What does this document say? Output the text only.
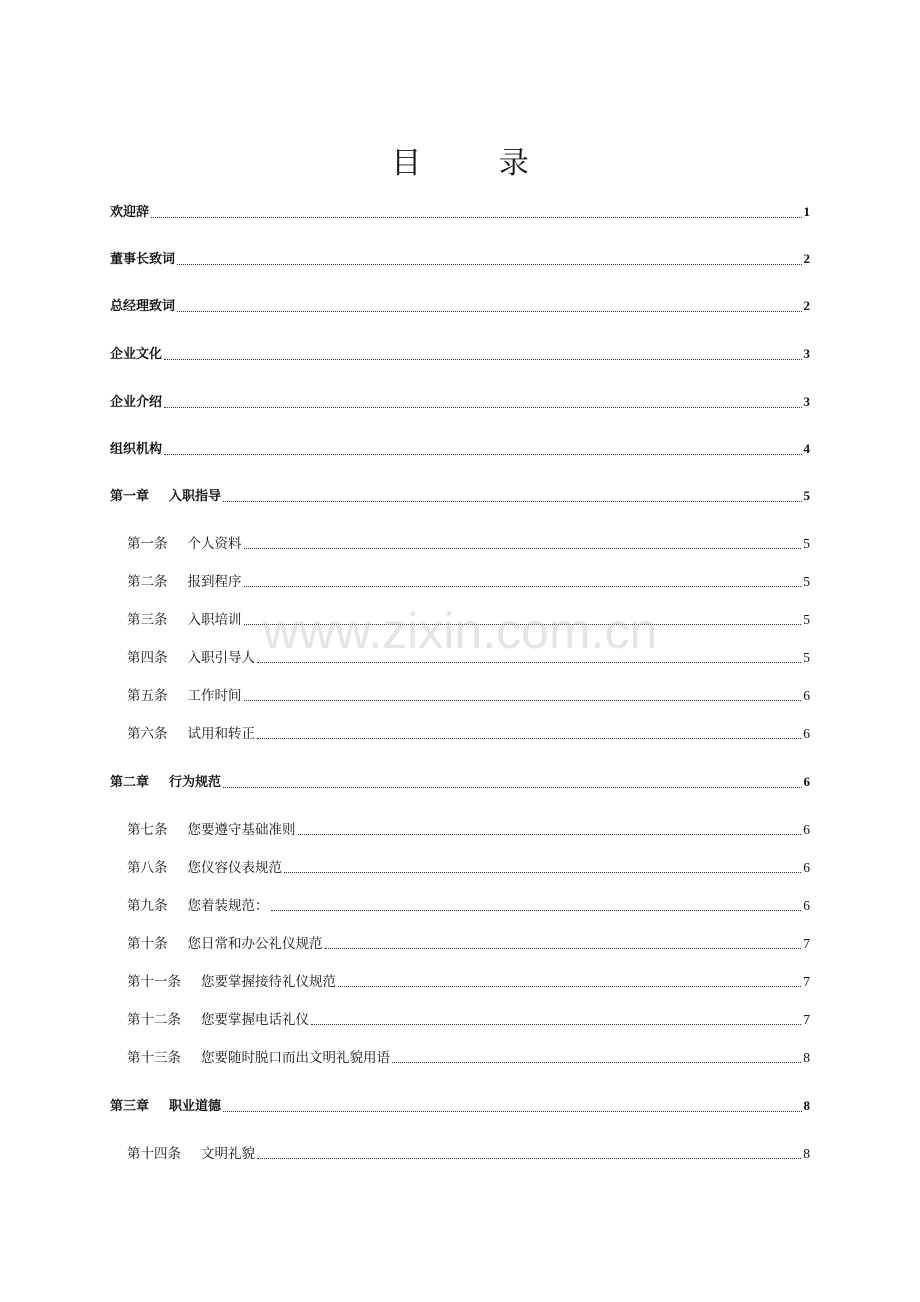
目 录
欢迎辞	1
董事长致词	2
总经理致词	2
企业文化	3
企业介绍	3
组织机构	4
第一章 入职指导	5
第一条 个人资料	5
第二条 报到程序	5
第三条 入职培训	5
第四条 入职引导人	5
第五条 工作时间	6
第六条 试用和转正	6
第二章 行为规范	6
第七条 您要遵守基础准则	6
第八条 您仪容仪表规范	6
第九条 您着装规范：	6
第十条 您日常和办公礼仪规范	7
第十一条 您要掌握接待礼仪规范	7
第十二条 您要掌握电话礼仪	7
第十三条 您要随时脱口而出文明礼貌用语	8
第三章 职业道德	8
第十四条 文明礼貌	8
www.zixin.com.cn
